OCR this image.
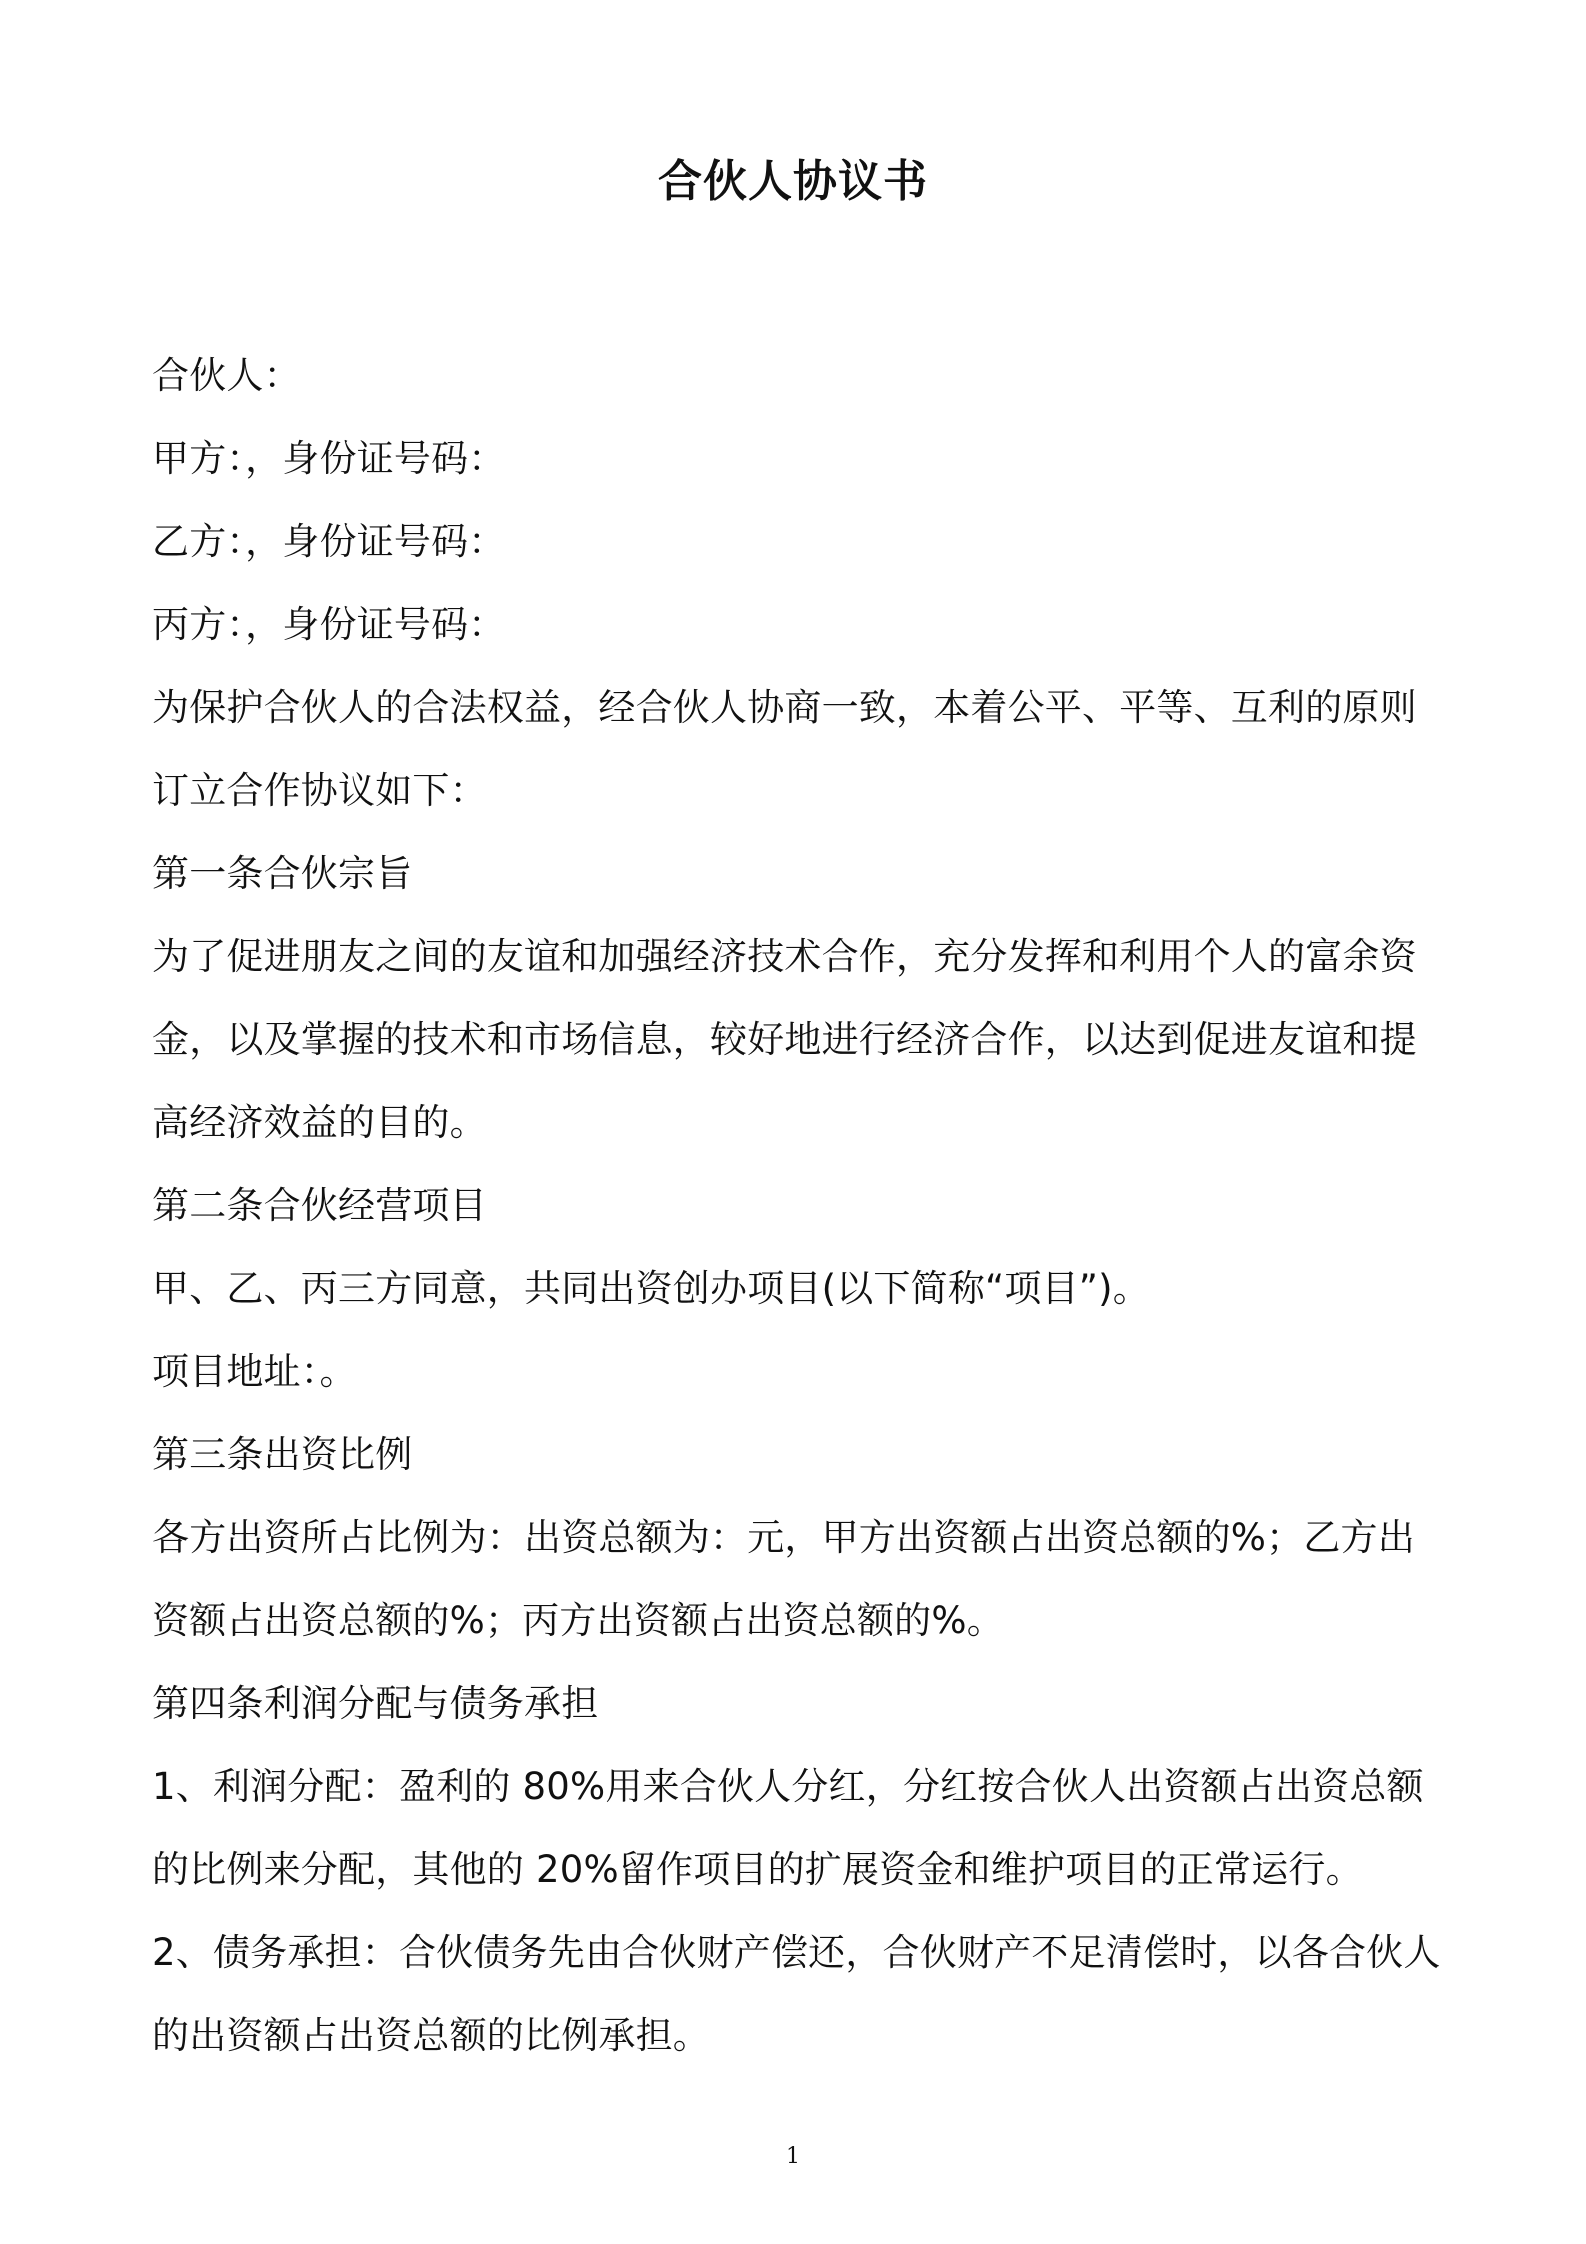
合伙人协议书
合伙人：
甲方：，身份证号码：
乙方：，身份证号码：
丙方：，身份证号码：
为保护合伙人的合法权益，经合伙人协商一致，本着公平、平等、互利的原则
订立合作协议如下：
第一条合伙宗旨
为了促进朋友之间的友谊和加强经济技术合作，充分发挥和利用个人的富余资
金，以及掌握的技术和市场信息，较好地进行经济合作，以达到促进友谊和提
高经济效益的目的。
第二条合伙经营项目
甲、乙、丙三方同意，共同出资创办项目(以下简称“项目”)。
项目地址：。
第三条出资比例
各方出资所占比例为：出资总额为：元，甲方出资额占出资总额的%；乙方出
资额占出资总额的%；丙方出资额占出资总额的%。
第四条利润分配与债务承担
1、利润分配：盈利的 80%用来合伙人分红，分红按合伙人出资额占出资总额
的比例来分配，其他的 20%留作项目的扩展资金和维护项目的正常运行。
2、债务承担：合伙债务先由合伙财产偿还，合伙财产不足清偿时，以各合伙人
的出资额占出资总额的比例承担。
1
